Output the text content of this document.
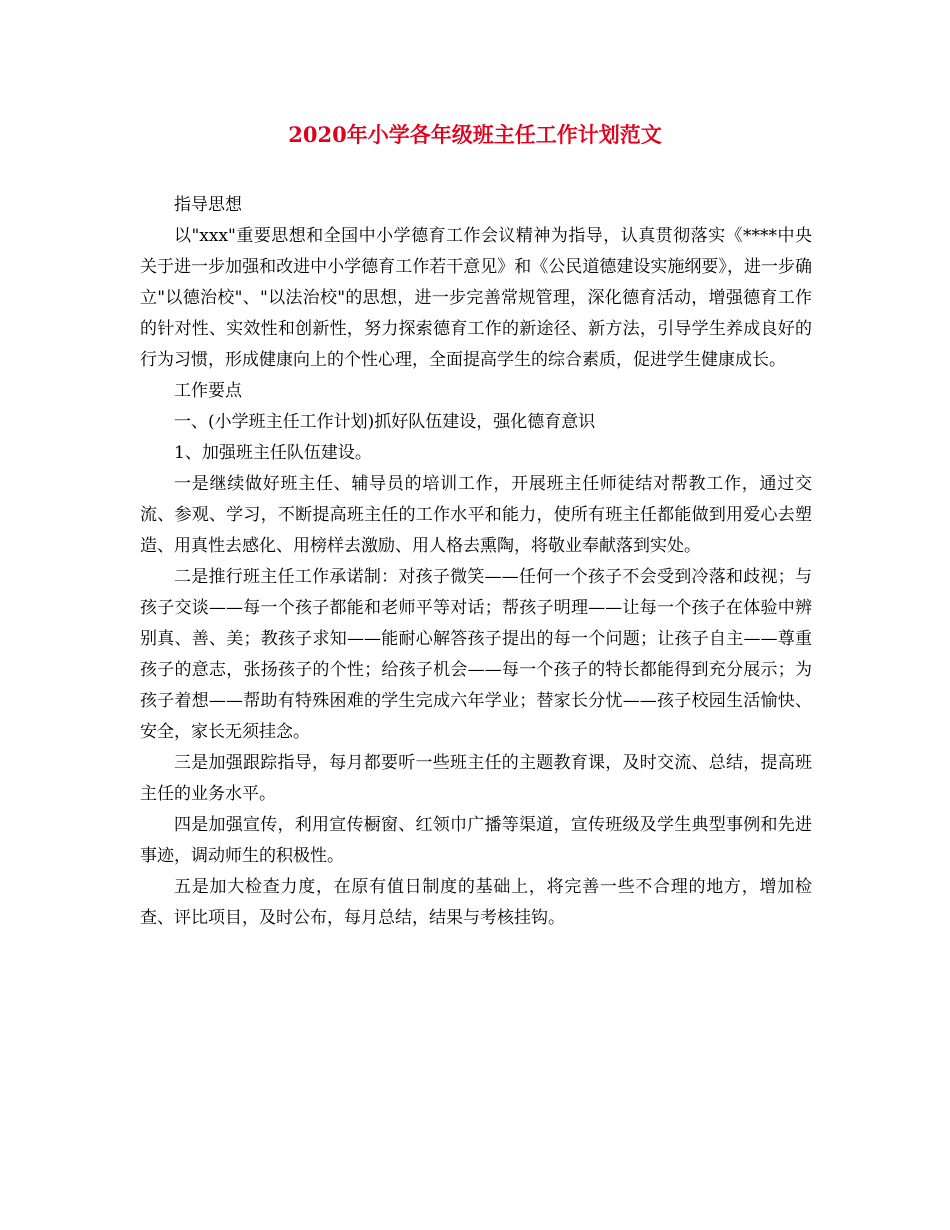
2020年小学各年级班主任工作计划范文

指导思想

以"xxx"重要思想和全国中小学德育工作会议精神为指导，认真贯彻落实《****中央关于进一步加强和改进中小学德育工作若干意见》和《公民道德建设实施纲要》，进一步确立"以德治校"、"以法治校"的思想，进一步完善常规管理，深化德育活动，增强德育工作的针对性、实效性和创新性，努力探索德育工作的新途径、新方法，引导学生养成良好的行为习惯，形成健康向上的个性心理，全面提高学生的综合素质，促进学生健康成长。

工作要点

一、(小学班主任工作计划)抓好队伍建设，强化德育意识

1、加强班主任队伍建设。

一是继续做好班主任、辅导员的培训工作，开展班主任师徒结对帮教工作，通过交流、参观、学习，不断提高班主任的工作水平和能力，使所有班主任都能做到用爱心去塑造、用真性去感化、用榜样去激励、用人格去熏陶，将敬业奉献落到实处。

二是推行班主任工作承诺制：对孩子微笑——任何一个孩子不会受到冷落和歧视；与孩子交谈——每一个孩子都能和老师平等对话；帮孩子明理——让每一个孩子在体验中辨别真、善、美；教孩子求知——能耐心解答孩子提出的每一个问题；让孩子自主——尊重孩子的意志，张扬孩子的个性；给孩子机会——每一个孩子的特长都能得到充分展示；为孩子着想——帮助有特殊困难的学生完成六年学业；替家长分忧——孩子校园生活愉快、安全，家长无须挂念。

三是加强跟踪指导，每月都要听一些班主任的主题教育课，及时交流、总结，提高班主任的业务水平。

四是加强宣传，利用宣传橱窗、红领巾广播等渠道，宣传班级及学生典型事例和先进事迹，调动师生的积极性。

五是加大检查力度，在原有值日制度的基础上，将完善一些不合理的地方，增加检查、评比项目，及时公布，每月总结，结果与考核挂钩。
